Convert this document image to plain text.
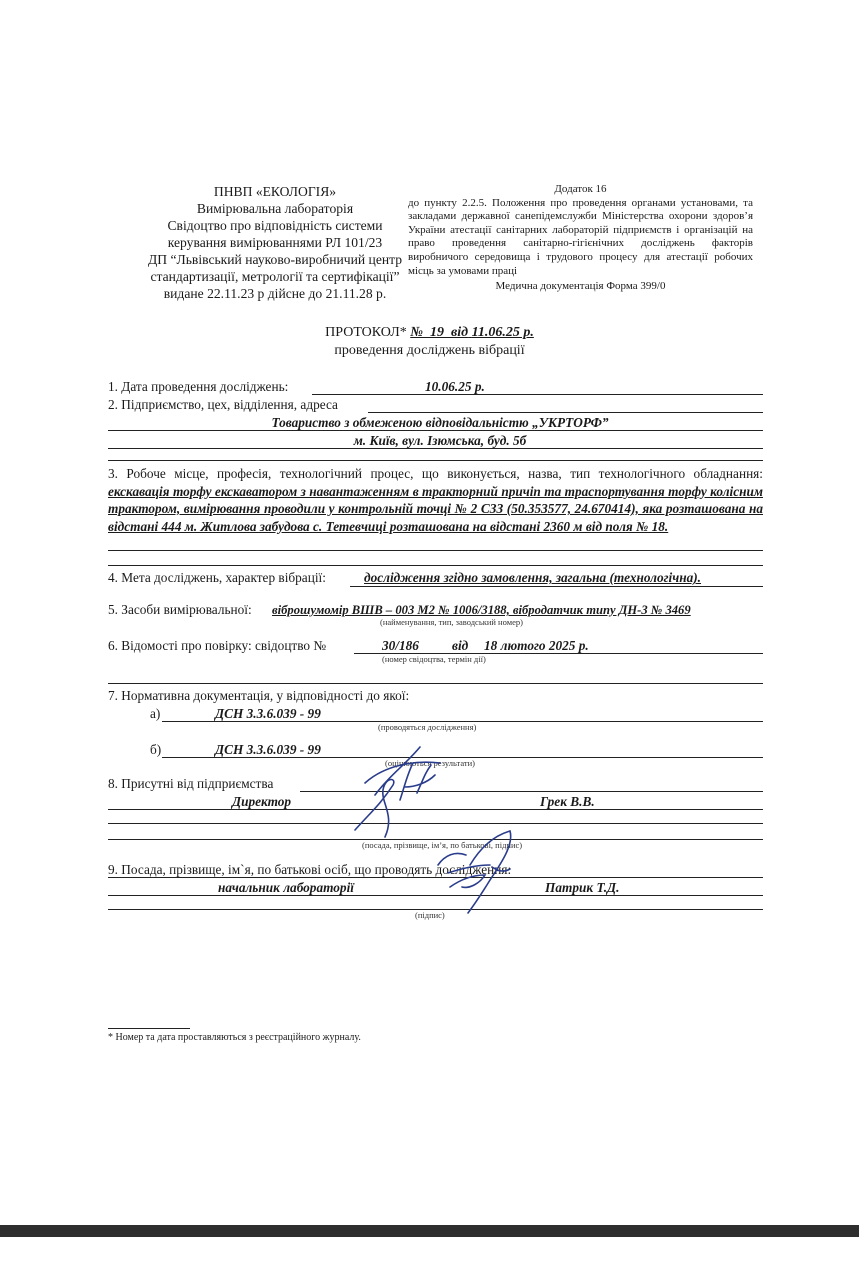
ПНВП «ЕКОЛОГІЯ»
Вимірювальна лабораторія
Свідоцтво про відповідність системи
керування вимірюваннями РЛ 101/23
ДП “Львівський науково-виробничий центр
стандартизації, метрології та сертифікації”
видане 22.11.23 р дійсне до 21.11.28 р.
Додаток 16
до пункту 2.2.5. Положення про проведення органами установами, та закладами державної санепідемслужби Міністерства охорони здоров’я України атестації санітарних лабораторій підприємств і організацій на право проведення санітарно-гігієнічних досліджень факторів виробничого середовища і трудового процесу для атестації робочих місць за умовами праці
Медична документація Форма 399/0
ПРОТОКОЛ* № 19 від 11.06.25 р.
проведення досліджень вібрації
1. Дата проведення досліджень:	10.06.25 р.
2. Підприємство, цех, відділення, адреса
Товариство з обмеженою відповідальністю „УКРТОРФ”
м. Київ, вул. Ізюмська, буд. 5б
3. Робоче місце, професія, технологічний процес, що виконується, назва, тип технологічного обладнання: екскавація торфу екскаватором з навантаженням в тракторний причіп та траспортування торфу колісним трактором, вимірювання проводили у контрольній точці № 2 СЗЗ (50.353577, 24.670414), яка розташована на відстані 444 м. Житлова забудова с. Тетевчиці розташована на відстані 2360 м від поля № 18.
4. Мета досліджень, характер вібрації:	дослідження згідно замовлення, загальна (технологічна).
5. Засоби вимірювальної: віброшумомір ВШВ – 003 М2 № 1006/3188, вібродатчик типу ДН-3 № 3469
(найменування, тип, заводський номер)
6. Відомості про повірку: свідоцтво №	30/186 від 18 лютого 2025 р.
(номер свідоцтва, термін дії)
7. Нормативна документація, у відповідності до якої:
а)	ДСН 3.3.6.039 - 99
(проводяться дослідження)
б)	ДСН 3.3.6.039 - 99
(оцінюються результати)
8. Присутні від підприємства
Директор	Грек В.В.
(посада, прізвище, ім’я, по батькові, підпис)
9. Посада, прізвище, ім`я, по батькові осіб, що проводять дослідження:
начальник лабораторії	Патрик Т.Д.
(підпис)
* Номер та дата проставляються з реєстраційного журналу.
